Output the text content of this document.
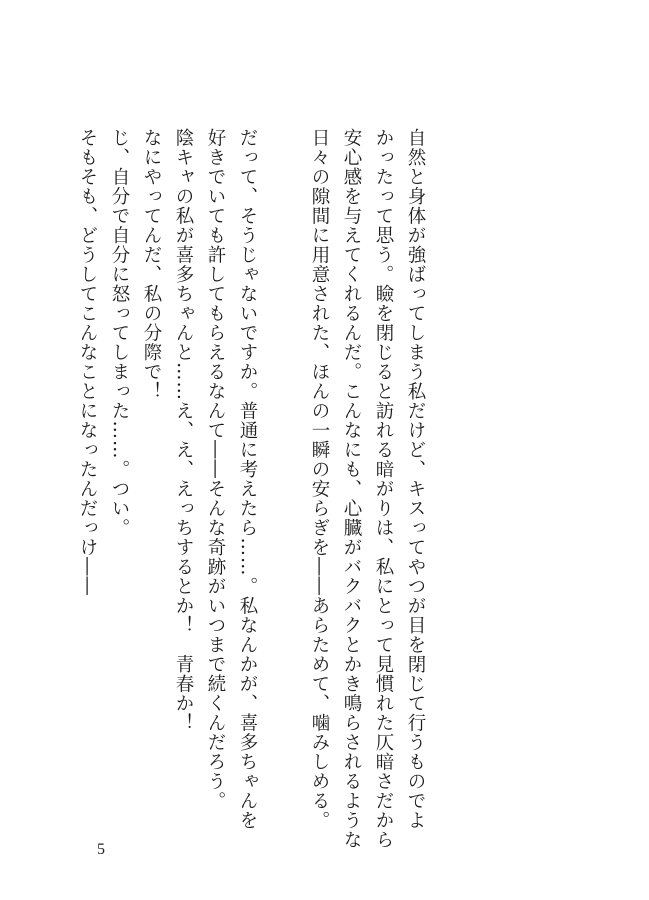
自然と身体が強ばってしまう私だけど、キスってやつが目を閉じて行うものでよ
かったって思う。瞼を閉じると訪れる暗がりは、私にとって見慣れた仄暗さだから
安心感を与えてくれるんだ。こんなにも、心臓がバクバクとかき鳴らされるような
日々の隙間に用意された、ほんの一瞬の安らぎを――あらためて、噛みしめる。
だって、そうじゃないですか。普通に考えたら……。私なんかが、喜多ちゃんを
好きでいても許してもらえるなんて――そんな奇跡がいつまで続くんだろう。
陰キャの私が喜多ちゃんと……え、え、えっちするとか！　青春か！
なにやってんだ、私の分際で！
じ、自分で自分に怒ってしまった……。つい。
そもそも、どうしてこんなことになったんだっけ――
5
